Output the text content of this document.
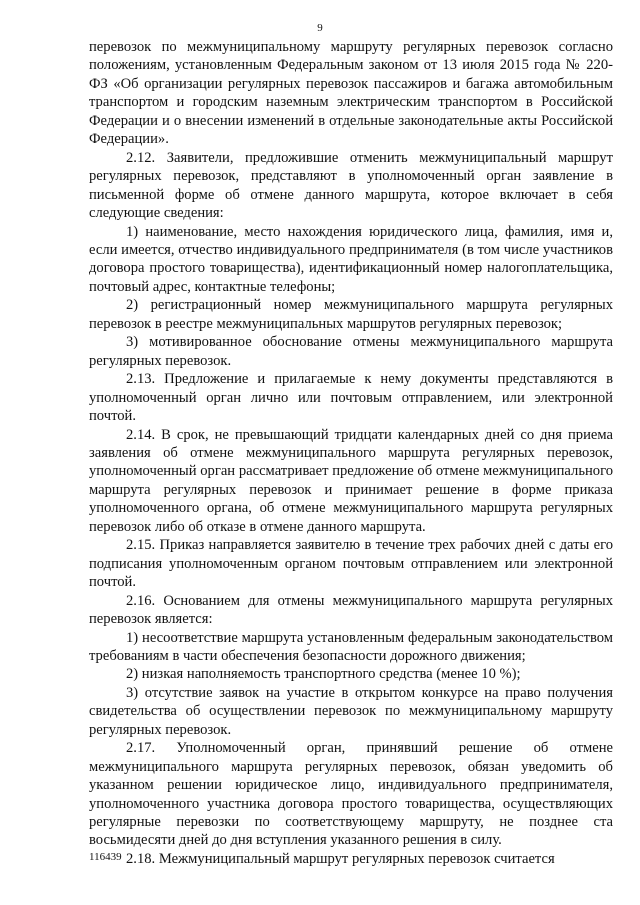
9

перевозок по межмуниципальному маршруту регулярных перевозок согласно положениям, установленным Федеральным законом от 13 июля 2015 года № 220-ФЗ «Об организации регулярных перевозок пассажиров и багажа автомобильным транспортом и городским наземным электрическим транспортом в Российской Федерации и о внесении изменений в отдельные законодательные акты Российской Федерации».

2.12. Заявители, предложившие отменить межмуниципальный маршрут регулярных перевозок, представляют в уполномоченный орган заявление в письменной форме об отмене данного маршрута, которое включает в себя следующие сведения:

1) наименование, место нахождения юридического лица, фамилия, имя и, если имеется, отчество индивидуального предпринимателя (в том числе участников договора простого товарищества), идентификационный номер налогоплательщика, почтовый адрес, контактные телефоны;

2) регистрационный номер межмуниципального маршрута регулярных перевозок в реестре межмуниципальных маршрутов регулярных перевозок;

3) мотивированное обоснование отмены межмуниципального маршрута регулярных перевозок.

2.13. Предложение и прилагаемые к нему документы представляются в уполномоченный орган лично или почтовым отправлением, или электронной почтой.

2.14. В срок, не превышающий тридцати календарных дней со дня приема заявления об отмене межмуниципального маршрута регулярных перевозок, уполномоченный орган рассматривает предложение об отмене межмуниципального маршрута регулярных перевозок и принимает решение в форме приказа уполномоченного органа, об отмене межмуниципального маршрута регулярных перевозок либо об отказе в отмене данного маршрута.

2.15. Приказ направляется заявителю в течение трех рабочих дней с даты его подписания уполномоченным органом почтовым отправлением или электронной почтой.

2.16. Основанием для отмены межмуниципального маршрута регулярных перевозок является:

1) несоответствие маршрута установленным федеральным законодательством требованиям в части обеспечения безопасности дорожного движения;

2) низкая наполняемость транспортного средства (менее 10 %);

3) отсутствие заявок на участие в открытом конкурсе на право получения свидетельства об осуществлении перевозок по межмуниципальному маршруту регулярных перевозок.

2.17. Уполномоченный орган, принявший решение об отмене межмуниципального маршрута регулярных перевозок, обязан уведомить об указанном решении юридическое лицо, индивидуального предпринимателя, уполномоченного участника договора простого товарищества, осуществляющих регулярные перевозки по соответствующему маршруту, не позднее ста восьмидесяти дней до дня вступления указанного решения в силу.

2.18. Межмуниципальный маршрут регулярных перевозок считается

116439
